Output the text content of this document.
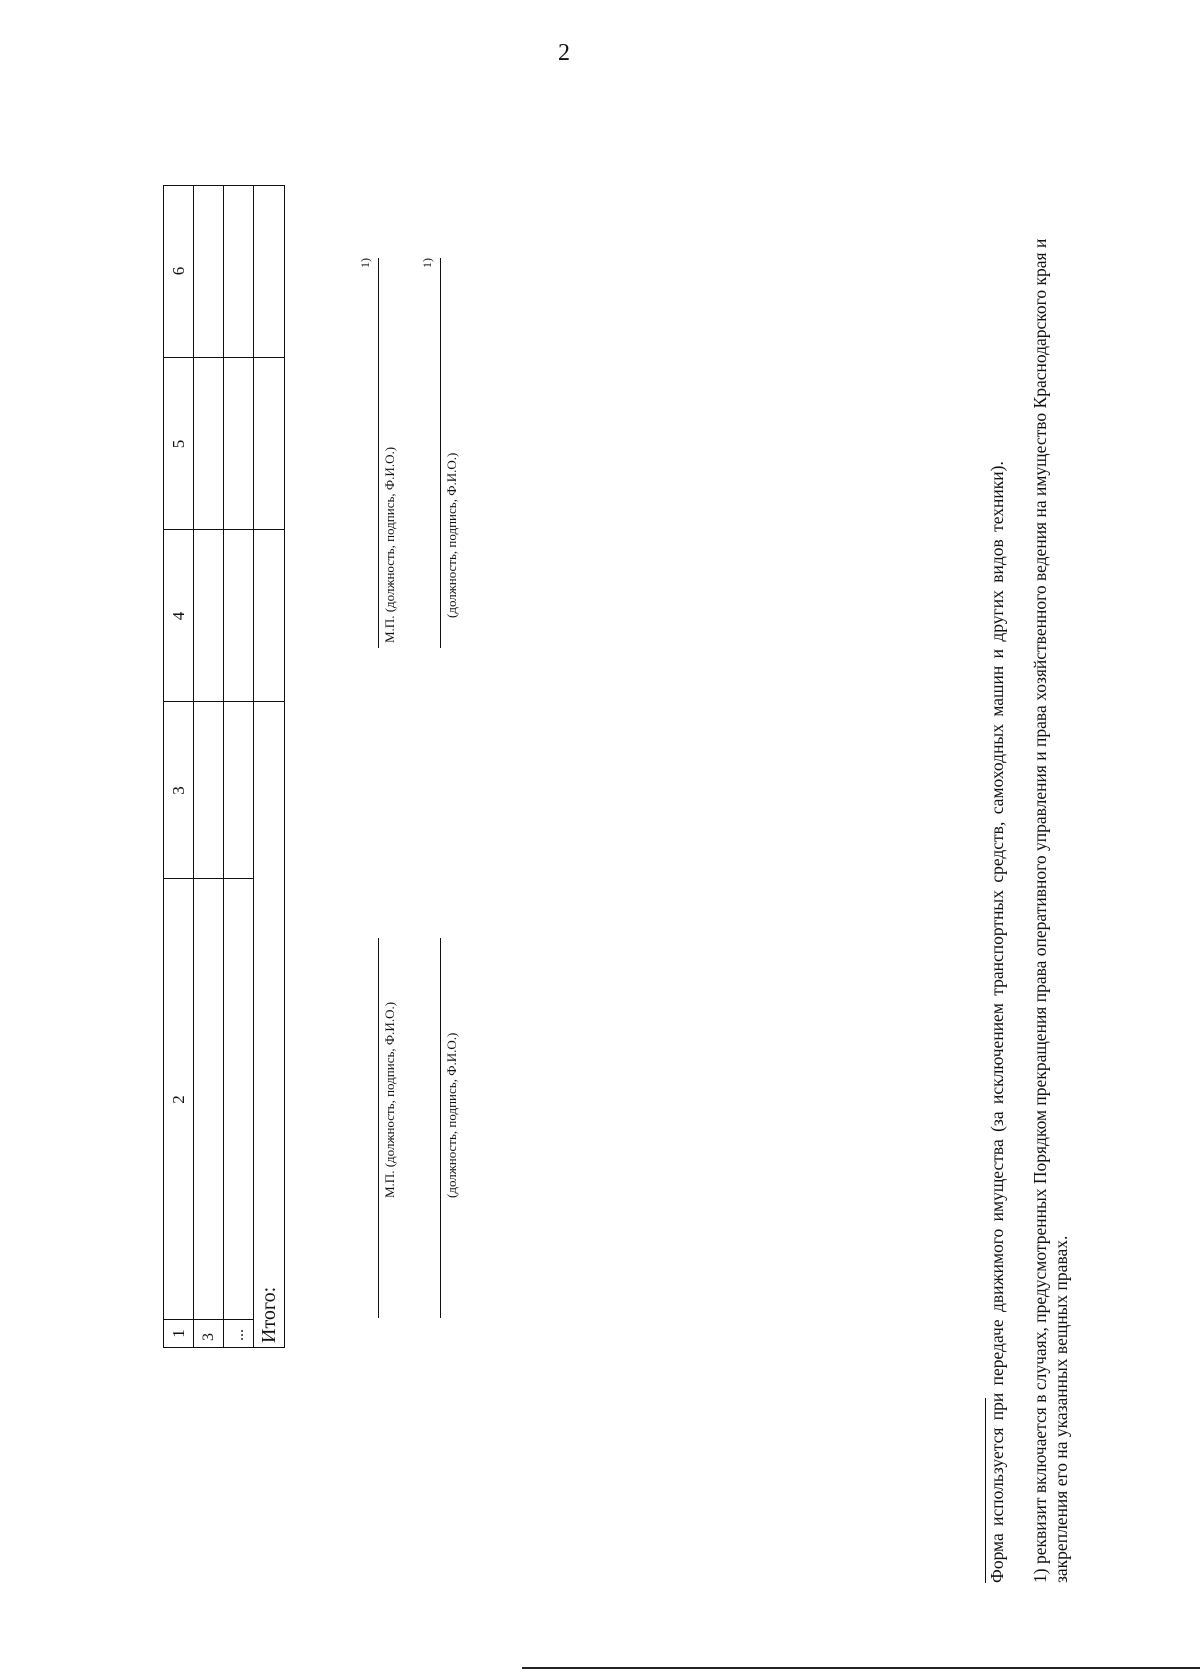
2
1
2
3
4
5
6
3 ... Итого:
М.П. (должность, подпись, Ф.И.О.)	(должность, подпись, Ф.И.О.)
М.П. (должность, подпись, Ф.И.О.)
1)
(должность, подпись, Ф.И.О.)
1)
Форма используется при передаче движимого имущества (за исключением транспортных средств, самоходных машин и других видов техники). 1) реквизит включается в случаях, предусмотренных Порядком прекращения права оперативного управления и права хозяйственного ведения на имущество Краснодарского края и закрепления его на указанных вещных правах.
